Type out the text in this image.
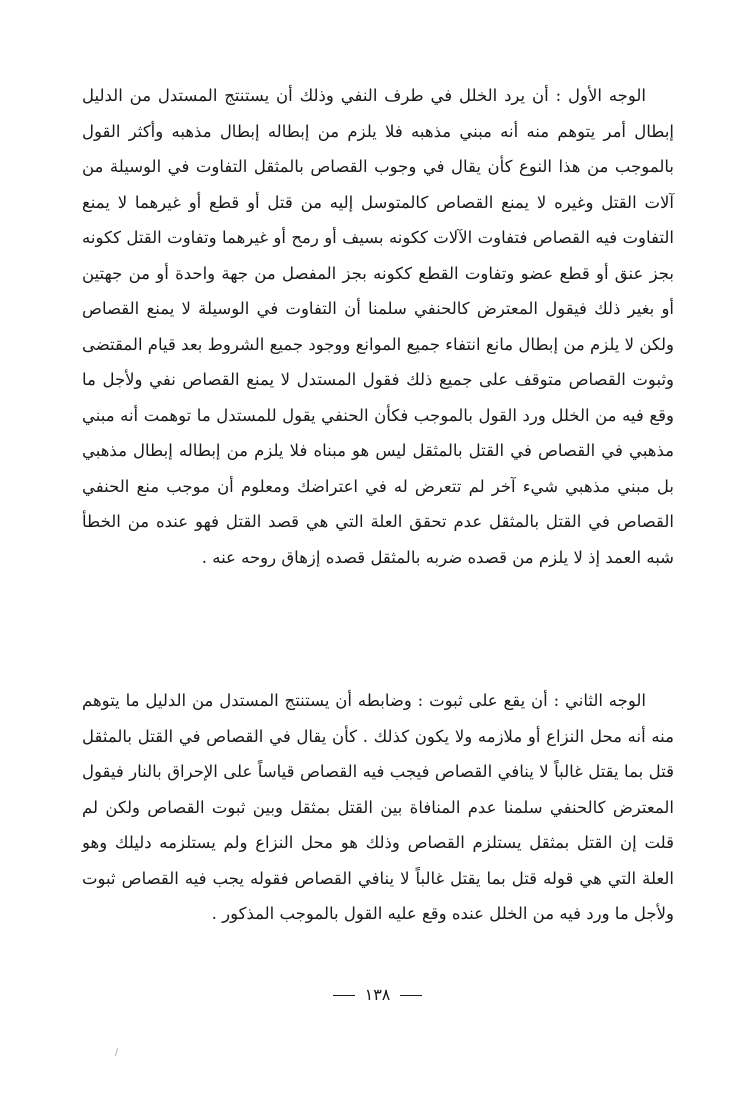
الوجه الأول : أن يرد الخلل في طرف النفي وذلك أن يستنتج المستدل من الدليل إبطال أمر يتوهم منه أنه مبني مذهبه فلا يلزم من إبطاله إبطال مذهبه وأكثر القول بالموجب من هذا النوع كأن يقال في وجوب القصاص بالمثقل التفاوت في الوسيلة من آلات القتل وغيره لا يمنع القصاص كالمتوسل إليه من قتل أو قطع أو غيرهما لا يمنع التفاوت فيه القصاص فتفاوت الآلات ككونه بسيف أو رمح أو غيرهما وتفاوت القتل ككونه بجز عنق أو قطع عضو وتفاوت القطع ككونه بجز المفصل من جهة واحدة أو من جهتين أو بغير ذلك فيقول المعترض كالحنفي سلمنا أن التفاوت في الوسيلة لا يمنع القصاص ولكن لا يلزم من إبطال مانع انتفاء جميع الموانع ووجود جميع الشروط بعد قيام المقتضى وثبوت القصاص متوقف على جميع ذلك فقول المستدل لا يمنع القصاص نفي ولأجل ما وقع فيه من الخلل ورد القول بالموجب فكأن الحنفي يقول للمستدل ما توهمت أنه مبني مذهبي في القصاص في القتل بالمثقل ليس هو مبناه فلا يلزم من إبطاله إبطال مذهبي بل مبني مذهبي شيء آخر لم تتعرض له في اعتراضك ومعلوم أن موجب منع الحنفي القصاص في القتل بالمثقل عدم تحقق العلة التي هي قصد القتل فهو عنده من الخطأ شبه العمد إذ لا يلزم من قصده ضربه بالمثقل قصده إزهاق روحه عنه .
الوجه الثاني : أن يقع على ثبوت : وضابطه أن يستنتج المستدل من الدليل ما يتوهم منه أنه محل النزاع أو ملازمه ولا يكون كذلك . كأن يقال في القصاص في القتل بالمثقل قتل بما يقتل غالباً لا ينافي القصاص فيجب فيه القصاص قياساً على الإحراق بالنار فيقول المعترض كالحنفي سلمنا عدم المنافاة بين القتل بمثقل وبين ثبوت القصاص ولكن لم قلت إن القتل بمثقل يستلزم القصاص وذلك هو محل النزاع ولم يستلزمه دليلك وهو العلة التي هي قوله قتل بما يقتل غالباً لا ينافي القصاص فقوله يجب فيه القصاص ثبوت ولأجل ما ورد فيه من الخلل عنده وقع عليه القول بالموجب المذكور .
١٣٨
